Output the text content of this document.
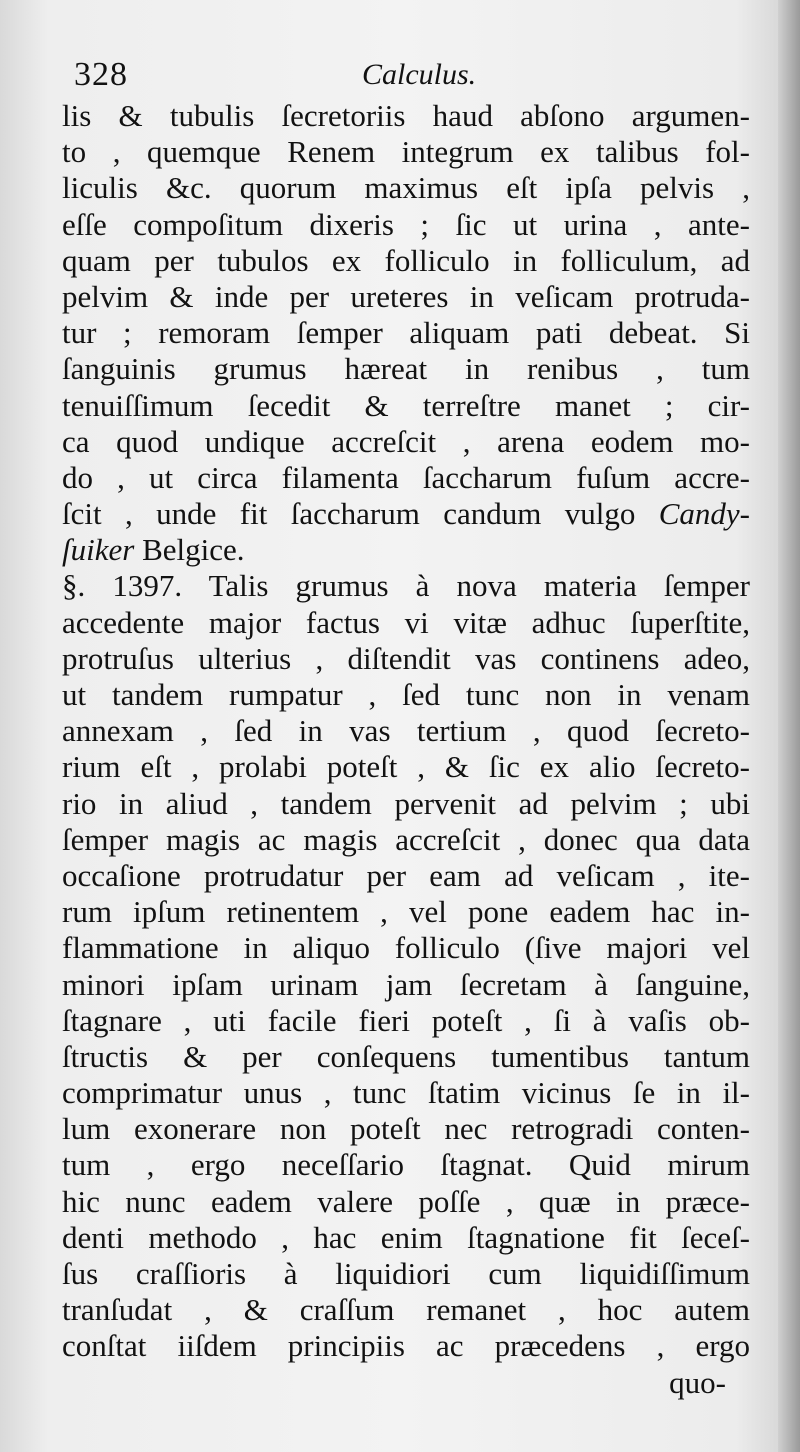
328	Calculus.
lis & tubulis ſecretoriis haud abſono argumen-
to , quemque Renem integrum ex talibus fol-
liculis &c. quorum maximus eſt ipſa pelvis ,
eſſe compoſitum dixeris ; ſic ut urina , ante-
quam per tubulos ex folliculo in folliculum, ad
pelvim & inde per ureteres in veſicam protruda-
tur ; remoram ſemper aliquam pati debeat. Si
ſanguinis grumus hæreat in renibus , tum
tenuiſſimum ſecedit & terreſtre manet ; cir-
ca quod undique accreſcit , arena eodem mo-
do , ut circa filamenta ſaccharum fuſum accre-
ſcit , unde fit ſaccharum candum vulgo Candy-
ſuiker Belgice.
§. 1397. Talis grumus à nova materia ſemper
accedente major factus vi vitæ adhuc ſuperſtite,
protruſus ulterius , diſtendit vas continens adeo,
ut tandem rumpatur , ſed tunc non in venam
annexam , ſed in vas tertium , quod ſecreto-
rium eſt , prolabi poteſt , & ſic ex alio ſecreto-
rio in aliud , tandem pervenit ad pelvim ; ubi
ſemper magis ac magis accreſcit , donec qua data
occaſione protrudatur per eam ad veſicam , ite-
rum ipſum retinentem , vel pone eadem hac in-
flammatione in aliquo folliculo (ſive majori vel
minori ipſam urinam jam ſecretam à ſanguine,
ſtagnare , uti facile fieri poteſt , ſi à vaſis ob-
ſtructis & per conſequens tumentibus tantum
comprimatur unus , tunc ſtatim vicinus ſe in il-
lum exonerare non poteſt nec retrogradi conten-
tum , ergo neceſſario ſtagnat. Quid mirum
hic nunc eadem valere poſſe , quæ in præce-
denti methodo , hac enim ſtagnatione fit ſeceſ-
ſus craſſioris à liquidiori cum liquidiſſimum
tranſudat , & craſſum remanet , hoc autem
conſtat iiſdem principiis ac præcedens , ergo
quo-
